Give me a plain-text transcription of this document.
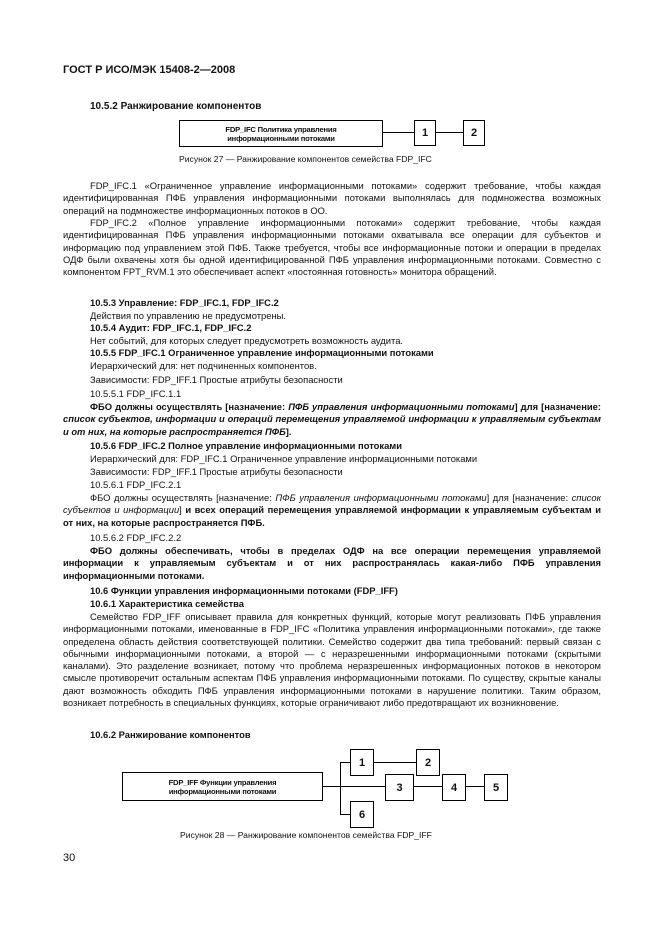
ГОСТ Р ИСО/МЭК 15408-2—2008
10.5.2 Ранжирование компонентов
FDP_IFC Политика управления
информационными потоками	1	2
Рисунок 27 — Ранжирование компонентов семейства FDP_IFC
FDP_IFC.1 «Ограниченное управление информационными потоками» содержит требование, чтобы каждая идентифицированная ПФБ управления информационными потоками выполнялась для подмножества возможных операций на подмножестве информационных потоков в ОО.
FDP_IFC.2 «Полное управление информационными потоками» содержит требование, чтобы каждая идентифицированная ПФБ управления информационными потоками охватывала все операции для субъектов и информацию под управлением этой ПФБ. Также требуется, чтобы все информационные потоки и операции в пределах ОДФ были охвачены хотя бы одной идентифицированной ПФБ управления информационными потоками. Совместно с компонентом FPT_RVM.1 это обеспечивает аспект «постоянная готовность» монитора обращений.
10.5.3 Управление: FDP_IFC.1, FDP_IFC.2
Действия по управлению не предусмотрены.
10.5.4 Аудит: FDP_IFC.1, FDP_IFC.2
Нет событий, для которых следует предусмотреть возможность аудита.
10.5.5 FDP_IFC.1 Ограниченное управление информационными потоками
Иерархический для: нет подчиненных компонентов.
Зависимости: FDP_IFF.1 Простые атрибуты безопасности
10.5.5.1 FDP_IFC.1.1
ФБО должны осуществлять [назначение: ПФБ управления информационными потоками] для [назначение: список субъектов, информации и операций перемещения управляемой информации к управляемым субъектам и от них, на которые распространяется ПФБ].
10.5.6 FDP_IFC.2 Полное управление информационными потоками
Иерархический для: FDP_IFC.1 Ограниченное управление информационными потоками
Зависимости: FDP_IFF.1 Простые атрибуты безопасности
10.5.6.1 FDP_IFC.2.1
ФБО должны осуществлять [назначение: ПФБ управления информационными потоками] для [назначение: список субъектов и информации] и всех операций перемещения управляемой информации к управляемым субъектам и от них, на которые распространяется ПФБ.
10.5.6.2 FDP_IFC.2.2
ФБО должны обеспечивать, чтобы в пределах ОДФ на все операции перемещения управляемой информации к управляемым субъектам и от них распространялась какая-либо ПФБ управления информационными потоками.
10.6 Функции управления информационными потоками (FDP_IFF)
10.6.1 Характеристика семейства
Семейство FDP_IFF описывает правила для конкретных функций, которые могут реализовать ПФБ управления информационными потоками, именованные в FDP_IFC «Политика управления информационными потоками», где также определена область действия соответствующей политики. Семейство содержит два типа требований: первый связан с обычными информационными потоками, а второй — с неразрешенными информационными потоками (скрытыми каналами). Это разделение возникает, потому что проблема неразрешенных информационных потоков в некотором смысле противоречит остальным аспектам ПФБ управления информационными потоками. По существу, скрытые каналы дают возможность обходить ПФБ управления информационными потоками в нарушение политики. Таким образом, возникает потребность в специальных функциях, которые ограничивают либо предотвращают их возникновение.
10.6.2 Ранжирование компонентов
FDP_IFF Функции управления
информационными потоками
1	2
3	4	5
6
Рисунок 28 — Ранжирование компонентов семейства FDP_IFF
30
